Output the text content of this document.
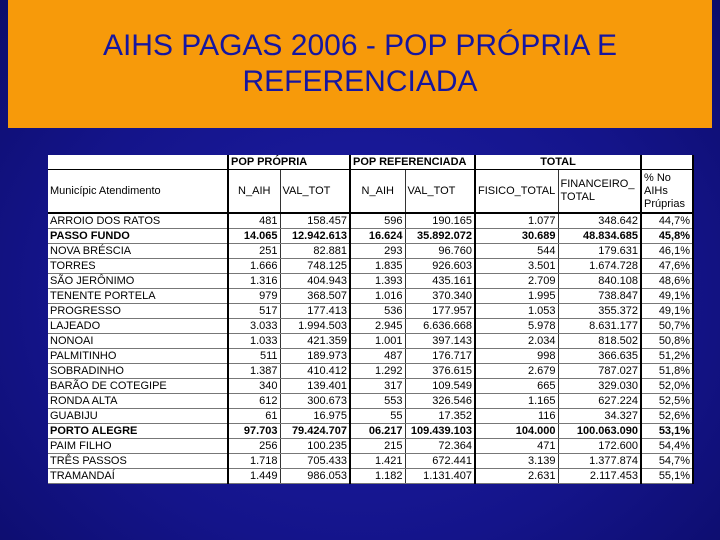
AIHS PAGAS 2006 - POP PRÓPRIA E REFERENCIADA
	POP PRÓPRIA		POP REFERENCIADA		TOTAL		
Municípic Atendimento	N_AIH	VAL_TOT	N_AIH	VAL_TOT	FISICO_TOTAL	FINANCEIRO_ TOTAL	% No AIHs Prúprias
ARROIO DOS RATOS	481	158.457	596	190.165	1.077	348.642	44,7%
PASSO FUNDO	14.065	12.942.613	16.624	35.892.072	30.689	48.834.685	45,8%
NOVA BRÉSCIA	251	82.881	293	96.760	544	179.631	46,1%
TORRES	1.666	748.125	1.835	926.603	3.501	1.674.728	47,6%
SÃO JERÔNIMO	1.316	404.943	1.393	435.161	2.709	840.108	48,6%
TENENTE PORTELA	979	368.507	1.016	370.340	1.995	738.847	49,1%
PROGRESSO	517	177.413	536	177.957	1.053	355.372	49,1%
LAJEADO	3.033	1.994.503	2.945	6.636.668	5.978	8.631.177	50,7%
NONOAI	1.033	421.359	1.001	397.143	2.034	818.502	50,8%
PALMITINHO	511	189.973	487	176.717	998	366.635	51,2%
SOBRADINHO	1.387	410.412	1.292	376.615	2.679	787.027	51,8%
BARÃO DE COTEGIPE	340	139.401	317	109.549	665	329.030	52,0%
RONDA ALTA	612	300.673	553	326.546	1.165	627.224	52,5%
GUABIJU	61	16.975	55	17.352	116	34.327	52,6%
PORTO ALEGRE	97.703	79.424.707	06.217	109.439.103	104.000	100.063.090	53,1%
PAIM FILHO	256	100.235	215	72.364	471	172.600	54,4%
TRÊS PASSOS	1.718	705.433	1.421	672.441	3.139	1.377.874	54,7%
TRAMANDAÍ	1.449	986.053	1.182	1.131.407	2.631	2.117.453	55,1%
